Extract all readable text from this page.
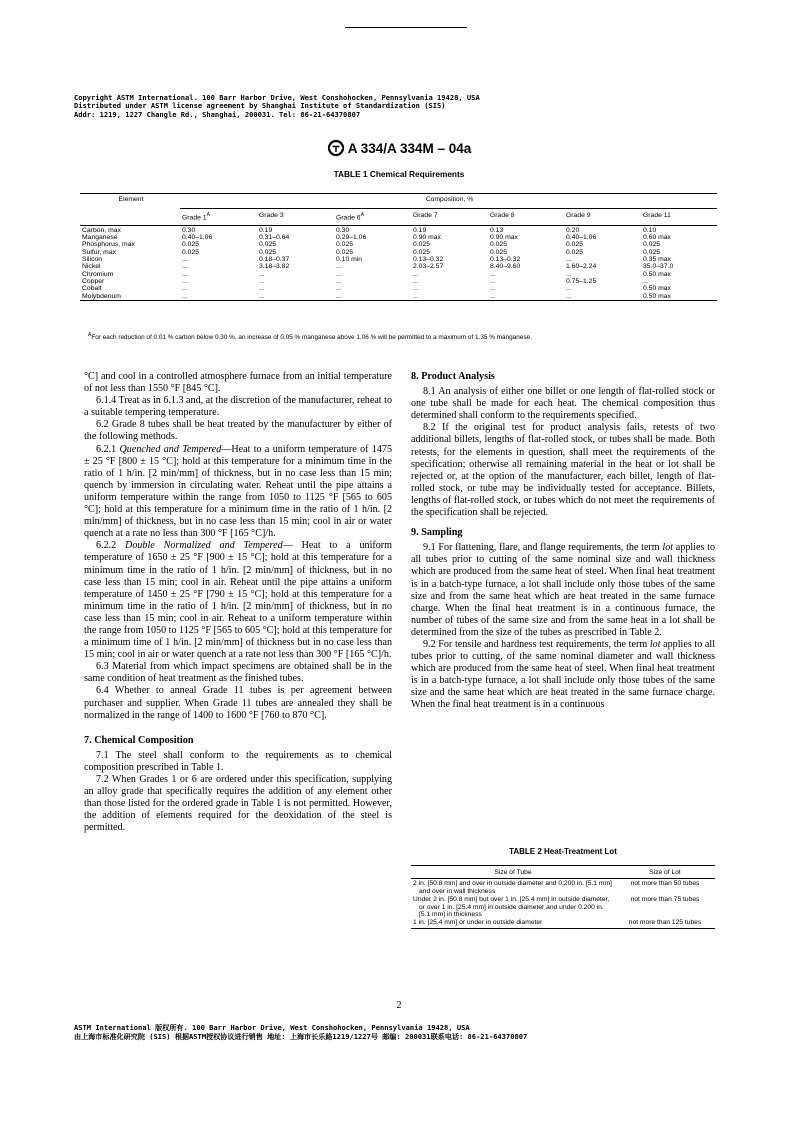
Copyright ASTM International. 100 Barr Harbor Drive, West Conshohocken, Pennsylvania 19428, USA
Distributed under ASTM license agreement by Shanghai Institute of Standardization (SIS)
Addr: 1219, 1227 Changle Rd., Shanghai, 200031. Tel: 86-21-64370807
A 334/A 334M – 04a
TABLE 1 Chemical Requirements
Element	Composition, %						
	Grade $1^A$	Grade 3	Grade $6^A$	Grade 7	Grade 8	Grade 9	Grade 11
Carbon, max	0.30	0.19	0.30	0.19	0.13	0.20	0.10
Manganese	0.40–1.06	0.31–0.64	0.29–1.06	0.90 max	0.90 max	0.40–1.06	0.60 max
Phosphorus, max	0.025	0.025	0.025	0.025	0.025	0.025	0.025
Sulfur, max	0.025	0.025	0.025	0.025	0.025	0.025	0.025
Silicon	...	0.18–0.37	0.10 min	0.13–0.32	0.13–0.32	...	0.35 max
Nickel	...	3.18–3.82	...	2.03–2.57	8.40–9.60	1.60–2.24	35.0–37.0
Chromium	...	...	...	...	...	...	0.50 max
Copper	...	...	...	...	...	0.75–1.25	...
Cobalt	...	...	...	...	...	...	0.50 max
Molybdenum	...	...	...	...	...	...	0.50 max
$^A$For each reduction of 0.01 % carbon below 0.30 %, an increase of 0.05 % manganese above 1.06 % will be permitted to a maximum of 1.35 % manganese.

°C] and cool in a controlled atmosphere furnace from an initial temperature of not less than 1550 °F [845 °C].

6.1.4 Treat as in 6.1.3 and, at the discretion of the manufacturer, reheat to a suitable tempering temperature.

6.2 Grade 8 tubes shall be heat treated by the manufacturer by either of the following methods.

6.2.1 Quenched and Tempered—Heat to a uniform temperature of 1475 ± 25 °F [800 ± 15 °C]; hold at this temperature for a minimum time in the ratio of 1 h/in. [2 min/mm] of thickness, but in no case less than 15 min; quench by immersion in circulating water. Reheat until the pipe attains a uniform temperature within the range from 1050 to 1125 °F [565 to 605 °C]; hold at this temperature for a minimum time in the ratio of 1 h/in. [2 min/mm] of thickness, but in no case less than 15 min; cool in air or water quench at a rate no less than 300 °F [165 °C]/h.

6.2.2 Double Normalized and Tempered— Heat to a uniform temperature of 1650 ± 25 °F [900 ± 15 °C]; hold at this temperature for a minimum time in the ratio of 1 h/in. [2 min/mm] of thickness, but in no case less than 15 min; cool in air. Reheat until the pipe attains a uniform temperature of 1450 ± 25 °F [790 ± 15 °C]; hold at this temperature for a minimum time in the ratio of 1 h/in. [2 min/mm] of thickness, but in no case less than 15 min; cool in air. Reheat to a uniform temperature within the range from 1050 to 1125 °F [565 to 605 °C]; hold at this temperature for a minimum time of 1 h/in. [2 min/mm] of thickness but in no case less than 15 min; cool in air or water quench at a rate not less than 300 °F [165 °C]/h.

6.3 Material from which impact specimens are obtained shall be in the same condition of heat treatment as the finished tubes.

6.4 Whether to anneal Grade 11 tubes is per agreement between purchaser and supplier. When Grade 11 tubes are annealed they shall be normalized in the range of 1400 to 1600 °F [760 to 870 °C].

7. Chemical Composition

7.1 The steel shall conform to the requirements as to chemical composition prescribed in Table 1.

7.2 When Grades 1 or 6 are ordered under this specification, supplying an alloy grade that specifically requires the addition of any element other than those listed for the ordered grade in Table 1 is not permitted. However, the addition of elements required for the deoxidation of the steel is permitted.

8. Product Analysis

8.1 An analysis of either one billet or one length of flat-rolled stock or one tube shall be made for each heat. The chemical composition thus determined shall conform to the requirements specified.

8.2 If the original test for product analysis fails, retests of two additional billets, lengths of flat-rolled stock, or tubes shall be made. Both retests, for the elements in question, shall meet the requirements of the specification; otherwise all remaining material in the heat or lot shall be rejected or, at the option of the manufacturer, each billet, length of flat-rolled stock, or tube may be individually tested for acceptance. Billets, lengths of flat-rolled stock, or tubes which do not meet the requirements of the specification shall be rejected.

9. Sampling

9.1 For flattening, flare, and flange requirements, the term lot applies to all tubes prior to cutting of the same nominal size and wall thickness which are produced from the same heat of steel. When final heat treatment is in a batch-type furnace, a lot shall include only those tubes of the same size and from the same heat which are heat treated in the same furnace charge. When the final heat treatment is in a continuous furnace, the number of tubes of the same size and from the same heat in a lot shall be determined from the size of the tubes as prescribed in Table 2.

9.2 For tensile and hardness test requirements, the term lot applies to all tubes prior to cutting, of the same nominal diameter and wall thickness which are produced from the same heat of steel. When final heat treatment is in a batch-type furnace, a lot shall include only those tubes of the same size and the same heat which are heat treated in the same furnace charge. When the final heat treatment is in a continuous

TABLE 2 Heat-Treatment Lot
Size of Tube	Size of Lot
2 in. [50.8 mm] and over in outside diameter and 0.200 in. [5.1 mm] and over in wall thickness	not more than 50 tubes
Under 2 in. [50.8 mm] but over 1 in. [25.4 mm] in outside diameter, or over 1 in. [25.4 mm] in outside diameter and under 0.200 in. [5.1 mm] in thickness	not more than 75 tubes
1 in. [25.4 mm] or under in outside diameter	not more than 125 tubes
2
ASTM International 版权所有. 100 Barr Harbor Drive, West Conshohocken, Pennsylvania 19428, USA
由上海市标准化研究院 (SIS) 根据ASTM授权协议进行销售 地址: 上海市长乐路1219/1227号 邮编: 200031联系电话: 86-21-64370807
